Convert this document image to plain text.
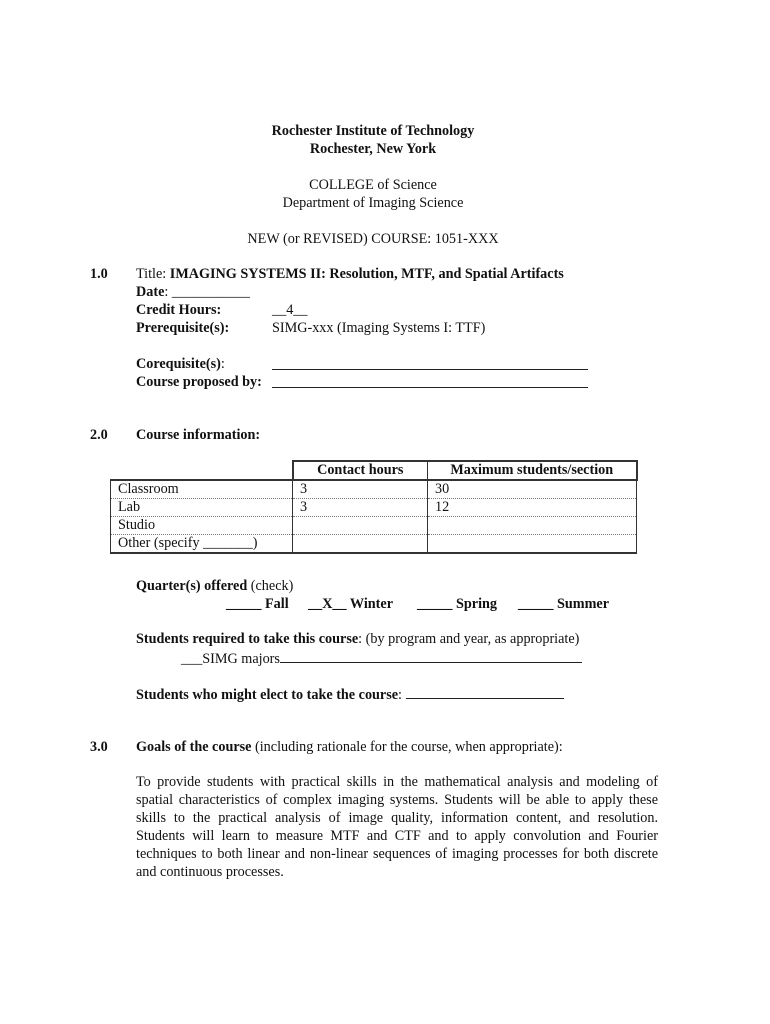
Rochester Institute of Technology
Rochester, New York
COLLEGE of Science
Department of Imaging Science
NEW (or REVISED) COURSE: 1051-XXX
1.0 Title: IMAGING SYSTEMS II: Resolution, MTF, and Spatial Artifacts
Date: ___________
Credit Hours:	__4__
Prerequisite(s):	SIMG-xxx (Imaging Systems I: TTF)
Corequisite(s):
Course proposed by:
2.0 Course information:
	Contact hours	Maximum students/section
Classroom	3	30
Lab	3	12
Studio		
Other (specify _______)		
Quarter(s) offered (check)
_____ Fall __X__ Winter _____ Spring _____ Summer
Students required to take this course: (by program and year, as appropriate)
___SIMG majors
Students who might elect to take the course:
3.0 Goals of the course (including rationale for the course, when appropriate):
To provide students with practical skills in the mathematical analysis and modeling of spatial characteristics of complex imaging systems. Students will be able to apply these skills to the practical analysis of image quality, information content, and resolution. Students will learn to measure MTF and CTF and to apply convolution and Fourier techniques to both linear and non-linear sequences of imaging processes for both discrete and continuous processes.
